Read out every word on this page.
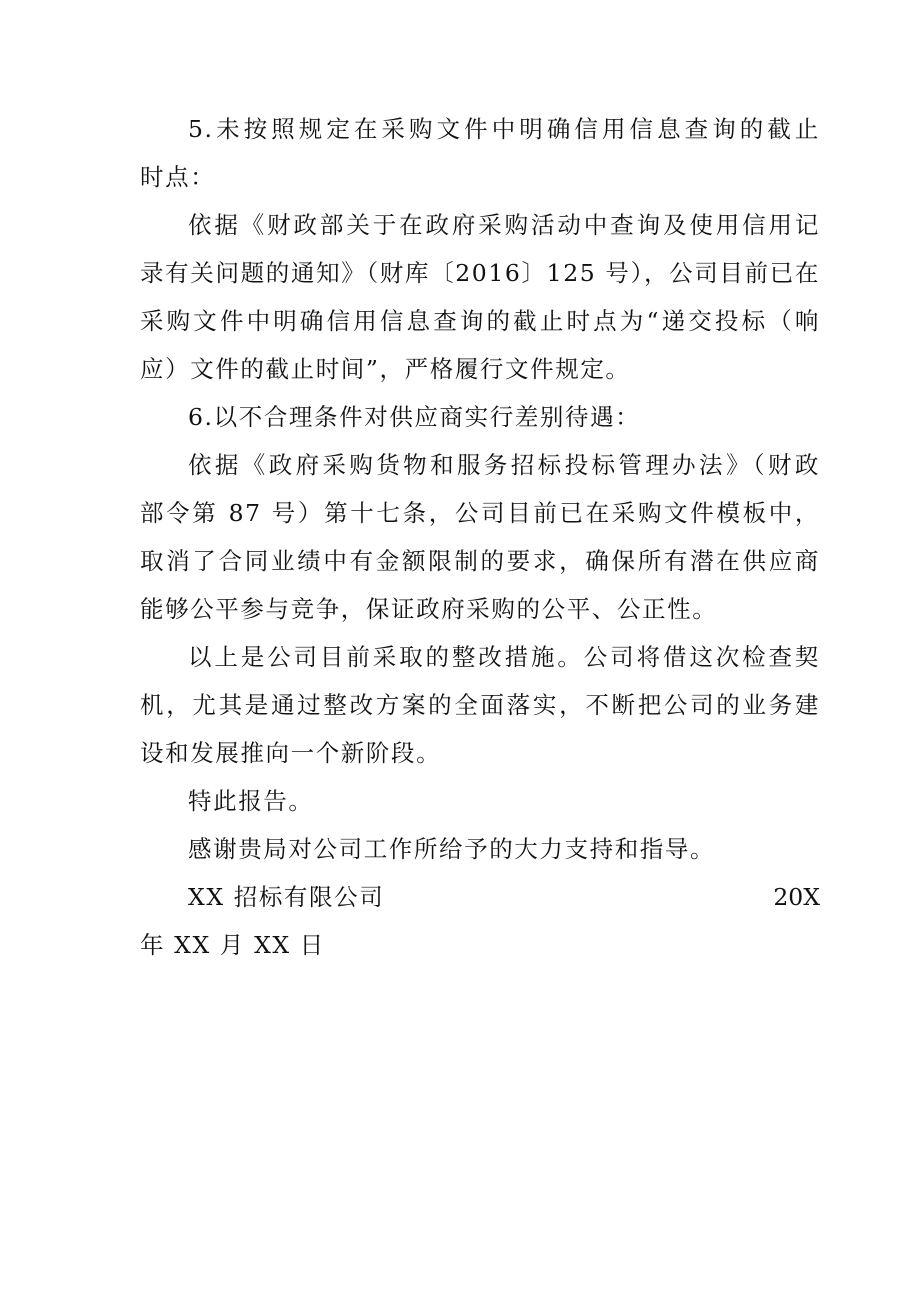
5.未按照规定在采购文件中明确信用信息查询的截止
时点：
依据《财政部关于在政府采购活动中查询及使用信用记
录有关问题的通知》（财库〔2016〕125 号），公司目前已在
采购文件中明确信用信息查询的截止时点为“递交投标（响
应）文件的截止时间”，严格履行文件规定。
6.以不合理条件对供应商实行差别待遇：
依据《政府采购货物和服务招标投标管理办法》（财政
部令第 87 号）第十七条，公司目前已在采购文件模板中，
取消了合同业绩中有金额限制的要求，确保所有潜在供应商
能够公平参与竞争，保证政府采购的公平、公正性。
以上是公司目前采取的整改措施。公司将借这次检查契
机，尤其是通过整改方案的全面落实，不断把公司的业务建
设和发展推向一个新阶段。
特此报告。
感谢贵局对公司工作所给予的大力支持和指导。
XX 招标有限公司	20X
年 XX 月 XX 日
